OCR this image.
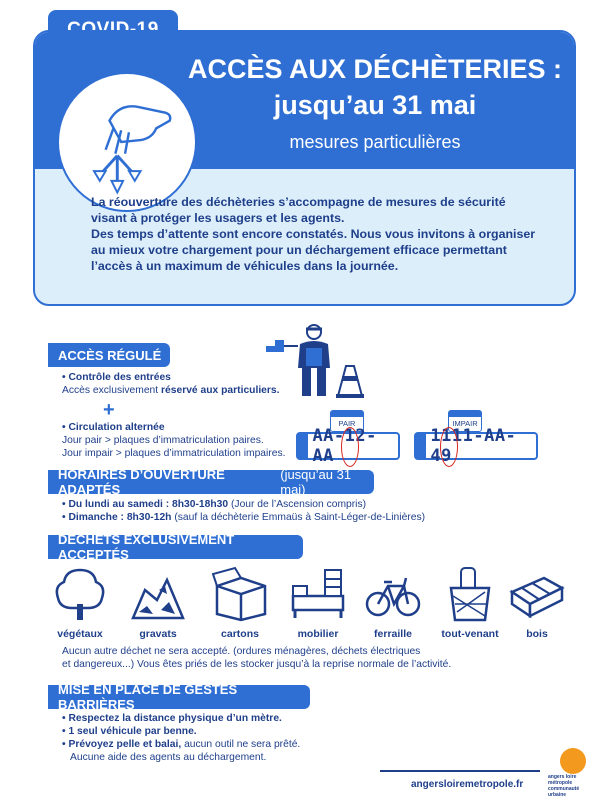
ACCÈS AUX DÉCHÈTERIES :
jusqu’au 31 mai
mesures particulières

La réouverture des déchèteries s’accompagne de mesures de sécurité

visant à protéger les usagers et les agents.

Des temps d’attente sont encore constatés. Nous vous invitons à organiser

au mieux votre chargement pour un déchargement efficace permettant

l’accès à un maximum de véhicules dans la journée.

ACCÈS RÉGULÉ
• Contrôle des entrées
Accès exclusivement réservé aux particuliers.
+
• Circulation alternée
Jour pair > plaques d’immatriculation paires.
Jour impair > plaques d’immatriculation impaires.
PAIR
AA-12-AA
IMPAIR
1111-AA-49
HORAIRES D’OUVERTURE ADAPTÉS
(jusqu’au 31 mai)
• Du lundi au samedi : 8h30-18h30 (Jour de l’Ascension compris)
• Dimanche : 8h30-12h (sauf la déchèterie Emmaüs à Saint-Léger-de-Linières)
DÉCHETS EXCLUSIVEMENT ACCEPTÉS
végétaux	gravats	cartons	mobilier	ferraille	tout-venant	bois
Aucun autre déchet ne sera accepté. (ordures ménagères, déchets électriques
et dangereux...) Vous êtes priés de les stocker jusqu’à la reprise normale de l’activité.
MISE EN PLACE DE GESTES BARRIÈRES
• Respectez la distance physique d’un mètre.
• 1 seul véhicule par benne.
• Prévoyez pelle et balai, aucun outil ne sera prêté.
Aucune aide des agents au déchargement.
angersloiremetropole.fr
angers loire
métropole
communauté urbaine
